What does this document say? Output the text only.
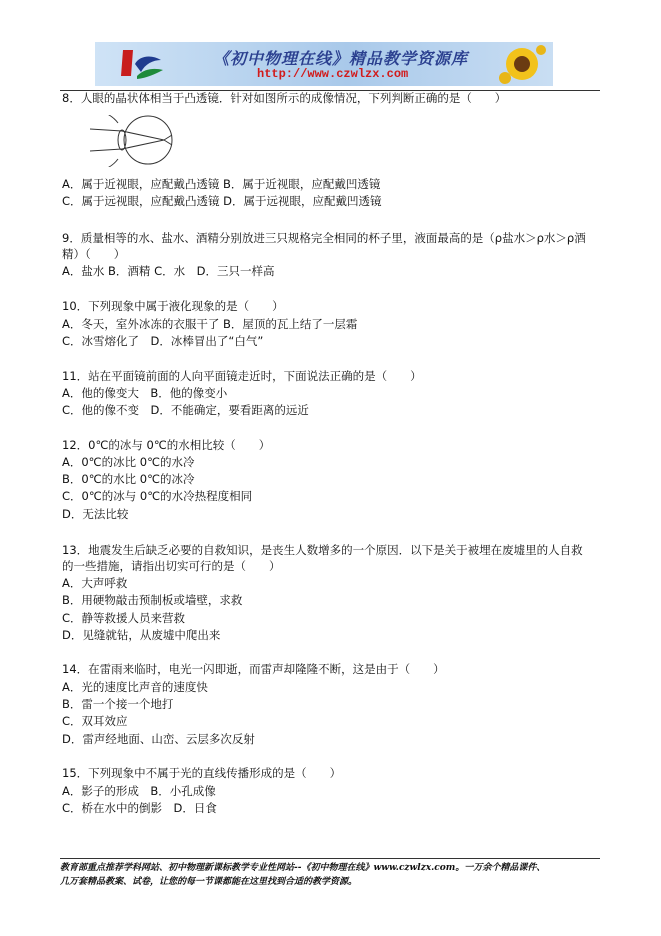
《初中物理在线》精品教学资源库
http://www.czwlzx.com
8．人眼的晶状体相当于凸透镜．针对如图所示的成像情况，下列判断正确的是（　　）
A．属于近视眼，应配戴凸透镜 B．属于近视眼，应配戴凹透镜
C．属于远视眼，应配戴凸透镜 D．属于远视眼，应配戴凹透镜
9．质量相等的水、盐水、酒精分别放进三只规格完全相同的杯子里，液面最高的是（ρ盐水＞ρ水＞ρ酒
精）（　　）
A．盐水 B．酒精 C．水　D．三只一样高
10．下列现象中属于液化现象的是（　　）
A．冬天，室外冰冻的衣服干了 B．屋顶的瓦上结了一层霜
C．冰雪熔化了　D．冰棒冒出了“白气”
11．站在平面镜前面的人向平面镜走近时，下面说法正确的是（　　）
A．他的像变大　B．他的像变小
C．他的像不变　D．不能确定，要看距离的远近
12．0℃的冰与 0℃的水相比较（　　）
A．0℃的冰比 0℃的水冷
B．0℃的水比 0℃的冰冷
C．0℃的冰与 0℃的水冷热程度相同
D．无法比较
13．地震发生后缺乏必要的自救知识，是丧生人数增多的一个原因．以下是关于被埋在废墟里的人自救
的一些措施，请指出切实可行的是（　　）
A．大声呼救
B．用硬物敲击预制板或墙壁，求救
C．静等救援人员来营救
D．见缝就钻，从废墟中爬出来
14．在雷雨来临时，电光一闪即逝，而雷声却隆隆不断，这是由于（　　）
A．光的速度比声音的速度快
B．雷一个接一个地打
C．双耳效应
D．雷声经地面、山峦、云层多次反射
15．下列现象中不属于光的直线传播形成的是（　　）
A．影子的形成　B．小孔成像
C．桥在水中的倒影　D．日食
教育部重点推荐学科网站、初中物理新课标教学专业性网站--《初中物理在线》www.czwlzx.com。一万余个精品课件、
几万套精品教案、试卷，让您的每一节课都能在这里找到合适的教学资源。
